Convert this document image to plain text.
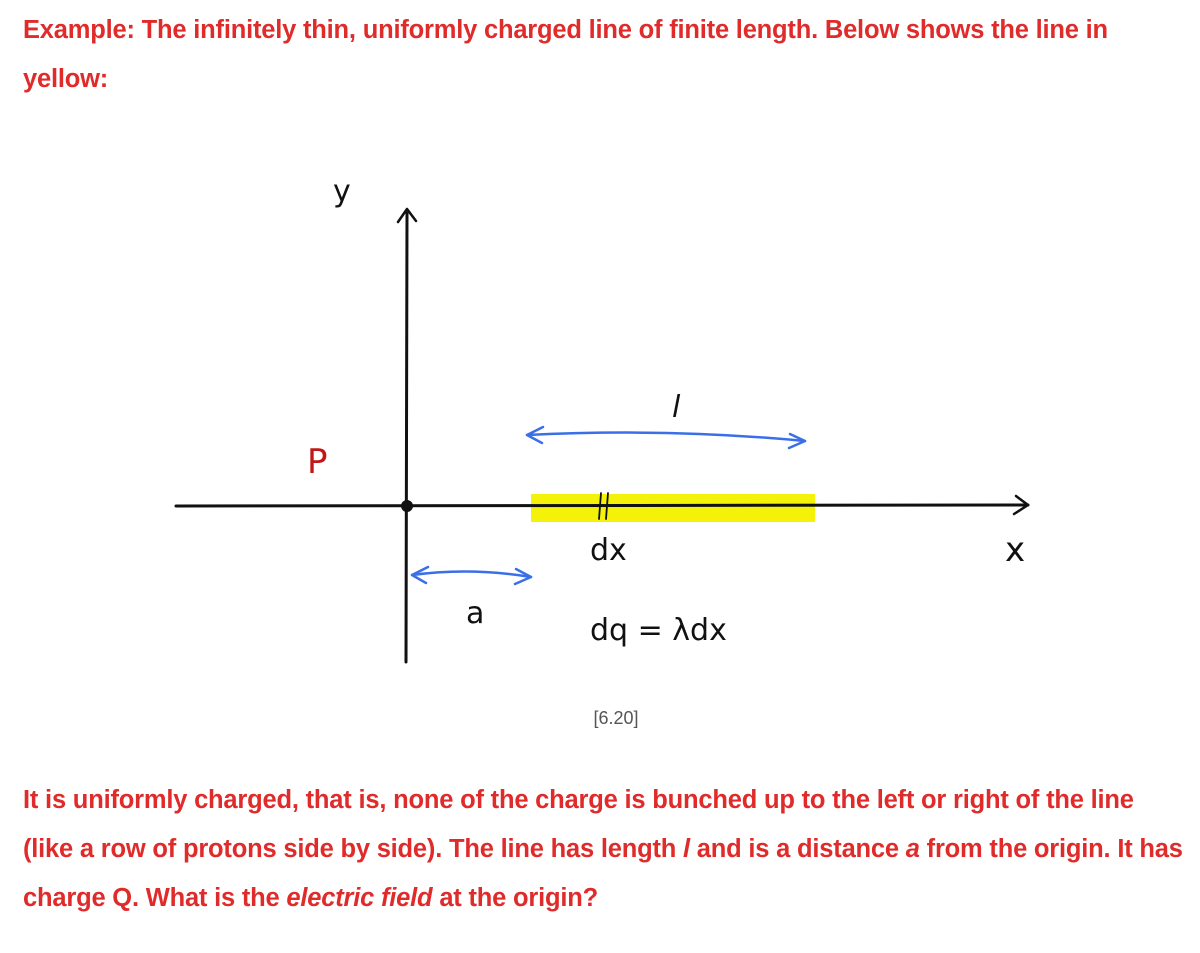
Example: The infinitely thin, uniformly charged line of finite length. Below shows the line in yellow:

y
x
P
l
a
dx
dq = λdx
[6.20]

It is uniformly charged, that is, none of the charge is bunched up to the left or right of the line (like a row of protons side by side). The line has length l and is a distance a from the origin. It has charge Q. What is the electric field at the origin?
